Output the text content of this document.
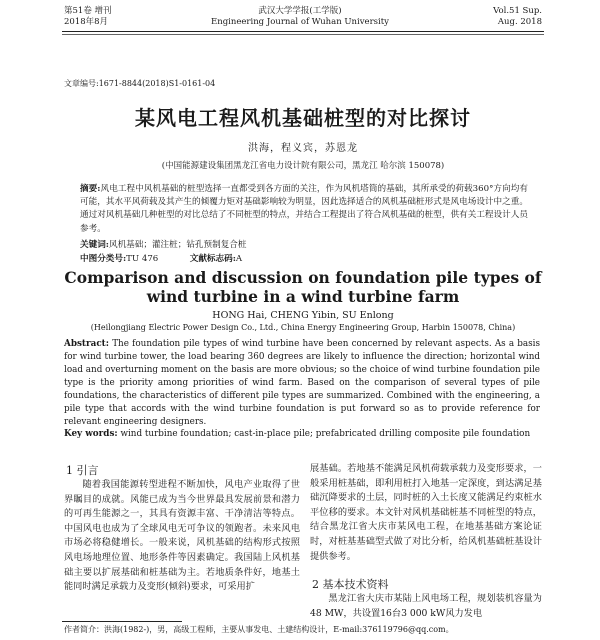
第51卷 增刊
2018年8月
武汉大学学报(工学版)
Engineering Journal of Wuhan University
Vol.51 Sup.
Aug. 2018
文章编号:1671-8844(2018)S1-0161-04
某风电工程风机基础桩型的对比探讨
洪海，程义宾，苏恩龙
(中国能源建设集团黑龙江省电力设计院有限公司，黑龙江 哈尔滨 150078)
摘要:风电工程中风机基础的桩型选择一直都受到各方面的关注，作为风机塔筒的基础，其所承受的荷载360°方向均有可能，其水平风荷载及其产生的倾覆力矩对基础影响较为明显，因此选择适合的风机基础桩形式是风电场设计中之重。通过对风机基础几种桩型的对比总结了不同桩型的特点，并结合工程提出了符合风机基础的桩型，供有关工程设计人员参考。
关键词:风机基础；灌注桩；钻孔预制复合桩
中图分类号:TU 476	文献标志码:A
Comparison and discussion on foundation pile types of
wind turbine in a wind turbine farm
HONG Hai, CHENG Yibin, SU Enlong
(Heilongjiang Electric Power Design Co., Ltd., China Energy Engineering Group, Harbin 150078, China)
Abstract: The foundation pile types of wind turbine have been concerned by relevant aspects. As a basis for wind turbine tower, the load bearing 360 degrees are likely to influence the direction; horizontal wind load and overturning moment on the basis are more obvious; so the choice of wind turbine foundation pile type is the priority among priorities of wind farm. Based on the comparison of several types of pile foundations, the characteristics of different pile types are summarized. Combined with the engineering, a pile type that accords with the wind turbine foundation is put forward so as to provide reference for relevant engineering designers.
Key words: wind turbine foundation; cast-in-place pile; prefabricated drilling composite pile foundation
1 引言
随着我国能源转型进程不断加快，风电产业取得了世界瞩目的成就。风能已成为当今世界最具发展前景和潜力的可再生能源之一，其具有资源丰富、干净清洁等特点。中国风电也成为了全球风电无可争议的领跑者。未来风电市场必将稳健增长。一般来说，风机基础的结构形式按照风电场地理位置、地形条件等因素确定。我国陆上风机基础主要以扩展基础和桩基础为主。若地质条件好，地基土能同时满足承载力及变形(倾斜)要求，可采用扩
展基础。若地基不能满足风机荷载承载力及变形要求，一般采用桩基础，即利用桩打入地基一定深度，到达满足基础沉降要求的土层，同时桩的入土长度又能满足约束桩水平位移的要求。本文针对风机基础桩基不同桩型的特点，结合黑龙江省大庆市某风电工程，在地基基础方案论证时，对桩基基础型式做了对比分析，给风机基础桩基设计提供参考。
2 基本技术资料
黑龙江省大庆市某陆上风电场工程，规划装机容量为48 MW，共设置16台3 000 kW风力发电
作者简介：洪海(1982-)，男，高级工程师，主要从事发电、土建结构设计，E-mail:376119796@qq.com。
